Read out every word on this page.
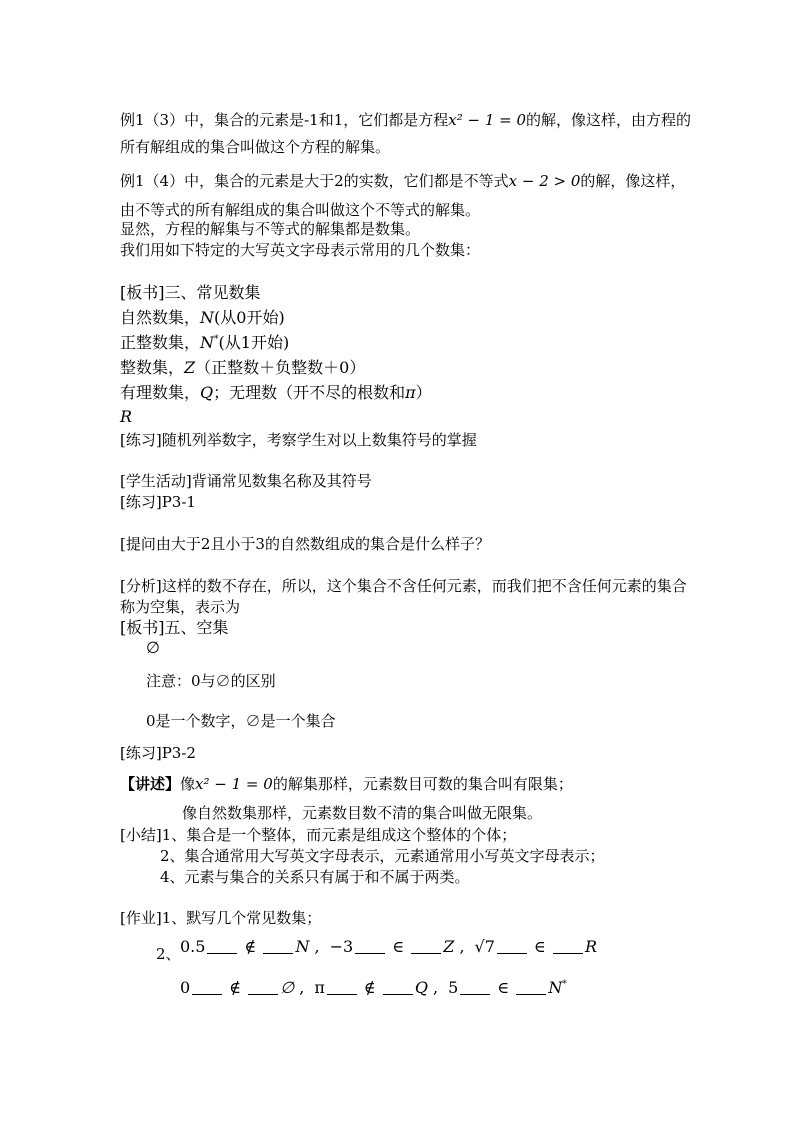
例1（3）中，集合的元素是-1和1，它们都是方程x² − 1 = 0的解，像这样，由方程的
所有解组成的集合叫做这个方程的解集。
例1（4）中，集合的元素是大于2的实数，它们都是不等式x − 2 > 0的解，像这样，
由不等式的所有解组成的集合叫做这个不等式的解集。
显然，方程的解集与不等式的解集都是数集。
我们用如下特定的大写英文字母表示常用的几个数集：
[板书]三、常见数集
自然数集，N(从0开始)
正整数集，N*(从1开始)
整数集，Z（正整数＋负整数＋0）
有理数集，Q；无理数（开不尽的根数和π）
R
[练习]随机列举数字，考察学生对以上数集符号的掌握
[学生活动]背诵常见数集名称及其符号
[练习]P3-1
[提问由大于2且小于3的自然数组成的集合是什么样子？
[分析]这样的数不存在，所以，这个集合不含任何元素，而我们把不含任何元素的集合
称为空集，表示为
[板书]五、空集
∅
注意：0与∅的区别
0是一个数字，∅是一个集合
[练习]P3-2
【讲述】像x² − 1 = 0的解集那样，元素数目可数的集合叫有限集；
像自然数集那样，元素数目数不清的集合叫做无限集。
[小结]1、集合是一个整体，而元素是组成这个整体的个体；
2、集合通常用大写英文字母表示，元素通常用小写英文字母表示；
4、元素与集合的关系只有属于和不属于两类。
[作业]1、默写几个常见数集；
2、 0.5 ∉ N , −3 ∈ Z , √7 ∈ R
0 ∉ ∅ , π ∉ Q , 5 ∈ N*
